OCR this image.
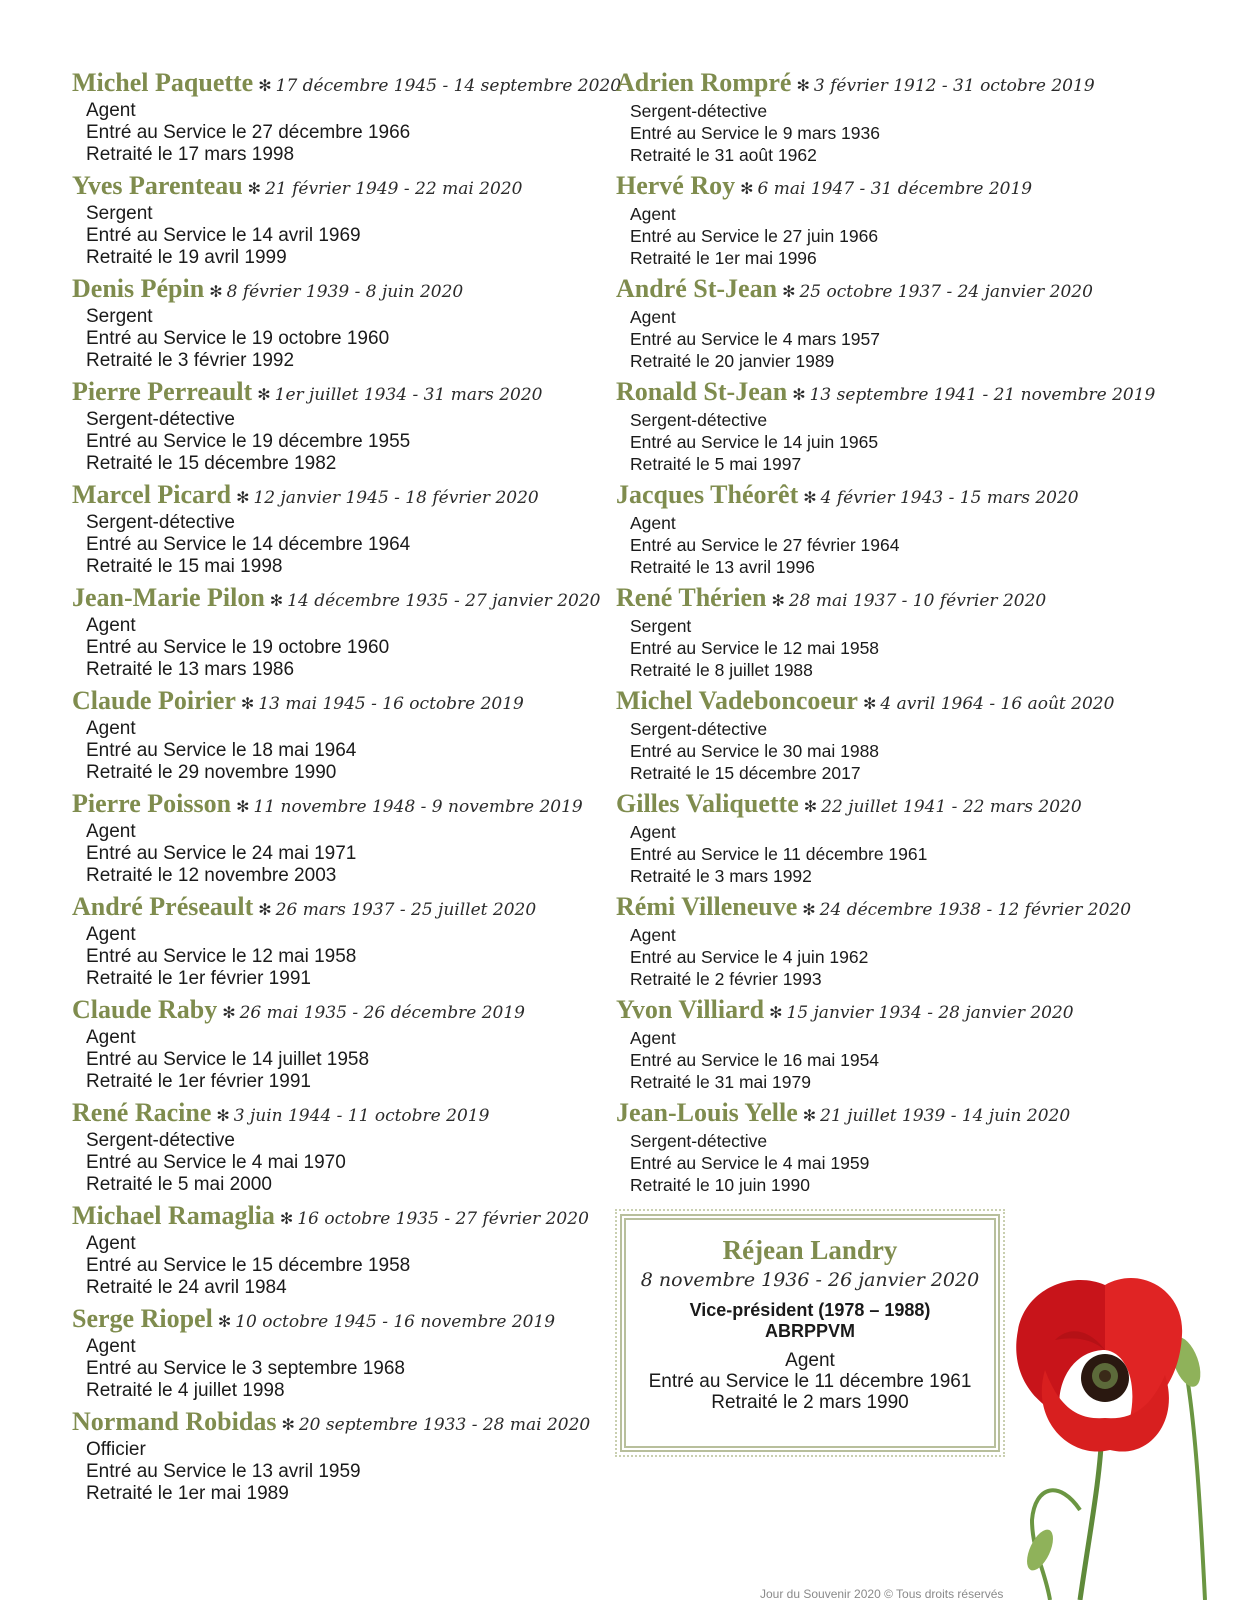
Michel Paquette ✻ 17 décembre 1945 - 14 septembre 2020
Agent
Entré au Service le 27 décembre 1966
Retraité le 17 mars 1998
Yves Parenteau ✻ 21 février 1949 - 22 mai 2020
Sergent
Entré au Service le 14 avril 1969
Retraité le 19 avril 1999
Denis Pépin ✻ 8 février 1939 - 8 juin 2020
Sergent
Entré au Service le 19 octobre 1960
Retraité le 3 février 1992
Pierre Perreault ✻ 1er juillet 1934 - 31 mars 2020
Sergent-détective
Entré au Service le 19 décembre 1955
Retraité le 15 décembre 1982
Marcel Picard ✻ 12 janvier 1945 - 18 février 2020
Sergent-détective
Entré au Service le 14 décembre 1964
Retraité le 15 mai 1998
Jean-Marie Pilon ✻ 14 décembre 1935 - 27 janvier 2020
Agent
Entré au Service le 19 octobre 1960
Retraité le 13 mars 1986
Claude Poirier ✻ 13 mai 1945 - 16 octobre 2019
Agent
Entré au Service le 18 mai 1964
Retraité le 29 novembre 1990
Pierre Poisson ✻ 11 novembre 1948 - 9 novembre 2019
Agent
Entré au Service le 24 mai 1971
Retraité le 12 novembre 2003
André Préseault ✻ 26 mars 1937 - 25 juillet 2020
Agent
Entré au Service le 12 mai 1958
Retraité le 1er février 1991
Claude Raby ✻ 26 mai 1935 - 26 décembre 2019
Agent
Entré au Service le 14 juillet 1958
Retraité le 1er février 1991
René Racine ✻ 3 juin 1944 - 11 octobre 2019
Sergent-détective
Entré au Service le 4 mai 1970
Retraité le 5 mai 2000
Michael Ramaglia ✻ 16 octobre 1935 - 27 février 2020
Agent
Entré au Service le 15 décembre 1958
Retraité le 24 avril 1984
Serge Riopel ✻ 10 octobre 1945 - 16 novembre 2019
Agent
Entré au Service le 3 septembre 1968
Retraité le 4 juillet 1998
Normand Robidas ✻ 20 septembre 1933 - 28 mai 2020
Officier
Entré au Service le 13 avril 1959
Retraité le 1er mai 1989
Adrien Rompré ✻ 3 février 1912 - 31 octobre 2019
Sergent-détective
Entré au Service le 9 mars 1936
Retraité le 31 août 1962
Hervé Roy ✻ 6 mai 1947 - 31 décembre 2019
Agent
Entré au Service le 27 juin 1966
Retraité le 1er mai 1996
André St-Jean ✻ 25 octobre 1937 - 24 janvier 2020
Agent
Entré au Service le 4 mars 1957
Retraité le 20 janvier 1989
Ronald St-Jean ✻ 13 septembre 1941 - 21 novembre 2019
Sergent-détective
Entré au Service le 14 juin 1965
Retraité le 5 mai 1997
Jacques Théorêt ✻ 4 février 1943 - 15 mars 2020
Agent
Entré au Service le 27 février 1964
Retraité le 13 avril 1996
René Thérien ✻ 28 mai 1937 - 10 février 2020
Sergent
Entré au Service le 12 mai 1958
Retraité le 8 juillet 1988
Michel Vadeboncoeur ✻ 4 avril 1964 - 16 août 2020
Sergent-détective
Entré au Service le 30 mai 1988
Retraité le 15 décembre 2017
Gilles Valiquette ✻ 22 juillet 1941 - 22 mars 2020
Agent
Entré au Service le 11 décembre 1961
Retraité le 3 mars 1992
Rémi Villeneuve ✻ 24 décembre 1938 - 12 février 2020
Agent
Entré au Service le 4 juin 1962
Retraité le 2 février 1993
Yvon Villiard ✻ 15 janvier 1934 - 28 janvier 2020
Agent
Entré au Service le 16 mai 1954
Retraité le 31 mai 1979
Jean-Louis Yelle ✻ 21 juillet 1939 - 14 juin 2020
Sergent-détective
Entré au Service le 4 mai 1959
Retraité le 10 juin 1990
Réjean Landry
8 novembre 1936 - 26 janvier 2020
Vice-président (1978 – 1988)
ABRPPVM
Agent
Entré au Service le 11 décembre 1961
Retraité le 2 mars 1990
Jour du Souvenir 2020 © Tous droits réservés
